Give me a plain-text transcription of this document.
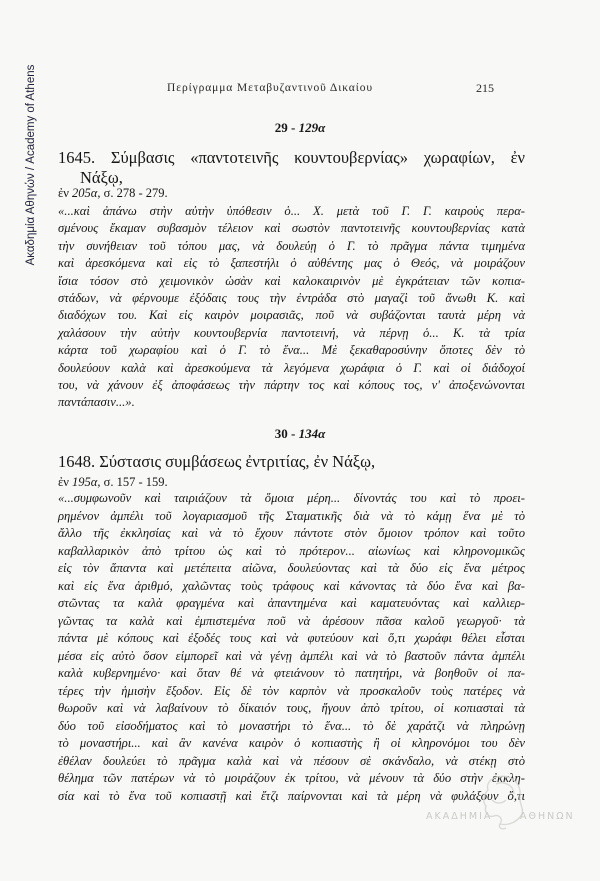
Ακαδημία Αθηνών / Academy of Athens	Περίγραμμα Μεταβυζαντινοῦ Δικαίου	215
29 - 129α
1645. Σύμβασις «παντοτεινῆς κουντουβερνίας» χωραφίων, ἐν
Νάξῳ,
ἐν 205α, σ. 278 - 279.
«...καὶ ἀπάνω στὴν αὐτὴν ὑπόθεσιν ὁ... Χ. μετὰ τοῦ Γ. Γ. καιροὺς περα-
σμένους ἔκαμαν συβασμὸν τέλειον καὶ σωστὸν παντοτεινῆς κουντουβερνίας κατὰ
τὴν συνήθειαν τοῦ τόπου μας, νὰ δουλεύῃ ὁ Γ. τὸ πρᾶγμα πάντα τιμημένα
καὶ ἀρεσκόμενα καὶ εἰς τὸ ξαπεστήλι ὁ αὐθέντης μας ὁ Θεός, νὰ μοιράζουν
ἴσια τόσον στὸ χειμονικὸν ὡσὰν καὶ καλοκαιρινὸν μὲ ἐγκράτειαν τῶν κοπια-
στάδων, νὰ φέρνουμε ἐξόδαις τους τὴν ἐντράδα στὸ μαγαζὶ τοῦ ἄνωθι Κ. καὶ
διαδόχων του. Καὶ εἰς καιρὸν μοιρασιᾶς, ποῦ νὰ συβάζονται ταυτὰ μέρη νὰ
χαλάσουν τὴν αὐτὴν κουντουβερνία παντοτεινή, νὰ πέρνῃ ὁ... Κ. τὰ τρία
κάρτα τοῦ χωραφίου καὶ ὁ Γ. τὸ ἕνα... Μὲ ξεκαθαροσύνην ὅποτες δὲν τὸ
δουλεύουν καλὰ καὶ ἀρεσκούμενα τὰ λεγόμενα χωράφια ὁ Γ. καὶ οἱ διάδοχοί
του, νὰ χάνουν ἐξ ἀποφάσεως τὴν πάρτην τος καὶ κόπους τος, ν' ἀποξενώνονται
παντάπασιν...».
30 - 134α
1648. Σύστασις συμβάσεως ἐντριτίας, ἐν Νάξῳ,
ἐν 195α, σ. 157 - 159.
«...συμφωνοῦν καὶ ταιριάζουν τὰ ὅμοια μέρη... δίνοντάς του καὶ τὸ προει-
ρημένον ἀμπέλι τοῦ λογαριασμοῦ τῆς Σταματικῆς διὰ νὰ τὸ κάμῃ ἕνα μὲ τὸ
ἄλλο τῆς ἐκκλησίας καὶ νὰ τὸ ἔχουν πάντοτε στὸν ὅμοιον τρόπον καὶ τοῦτο
καβαλλαρικὸν ἀπὸ τρίτου ὡς καὶ τὸ πρότερον... αἰωνίως καὶ κληρονομικῶς
εἰς τὸν ἅπαντα καὶ μετέπειτα αἰῶνα, δουλεύοντας καὶ τὰ δύο εἰς ἕνα μέτρος
καὶ εἰς ἕνα ἀριθμό, χαλῶντας τοὺς τράφους καὶ κάνοντας τὰ δύο ἕνα καὶ βα-
στῶντας τα καλὰ φραγμένα καὶ ἀπαντημένα καὶ καματευόντας καὶ καλλιερ-
γῶντας τα καλὰ καὶ ἐμπιστεμένα ποῦ νὰ ἀρέσουν πᾶσα καλοῦ γεωργοῦ· τὰ
πάντα μὲ κόπους καὶ ἐξοδές τους καὶ νὰ φυτεύουν καὶ ὅ,τι χωράφι θέλει εἶσται
μέσα εἰς αὐτὸ ὅσον εἱμπορεῖ καὶ νὰ γένῃ ἀμπέλι καὶ νὰ τὸ βαστοῦν πάντα ἀμπέλι
καλὰ κυβερνημένο· καὶ ὅταν θέ νὰ φτειάνουν τὸ πατητήρι, νὰ βοηθοῦν οἱ πα-
τέρες τὴν ἡμισὴν ἔξοδον. Εἰς δὲ τὸν καρπὸν νὰ προσκαλοῦν τοὺς πατέρες νὰ
θωροῦν καὶ νὰ λαβαίνουν τὸ δίκαιόν τους, ἤγουν ἀπὸ τρίτου, οἱ κοπιασταὶ τὰ
δύο τοῦ εἰσοδήματος καὶ τὸ μοναστήρι τὸ ἕνα... τὸ δὲ χαράτζι νὰ πληρώνῃ
τὸ μοναστήρι... καὶ ἂν κανένα καιρὸν ὁ κοπιαστὴς ἢ οἱ κληρονόμοι του δὲν
ἐθέλαν δουλεύει τὸ πρᾶγμα καλὰ καὶ νὰ πέσουν σὲ σκάνδαλο, νὰ στέκῃ στὸ
θέλημα τῶν πατέρων νὰ τὸ μοιράζουν ἐκ τρίτου, νὰ μένουν τὰ δύο στὴν ἐκκλη-
σία καὶ τὸ ἕνα τοῦ κοπιαστῇ καὶ ἔτζι παίρνονται καὶ τὰ μέρη νὰ φυλάξουν ὅ,τι
ΑΚΑΔΗΜΙΑ	ΑΘΗΝΩΝ
